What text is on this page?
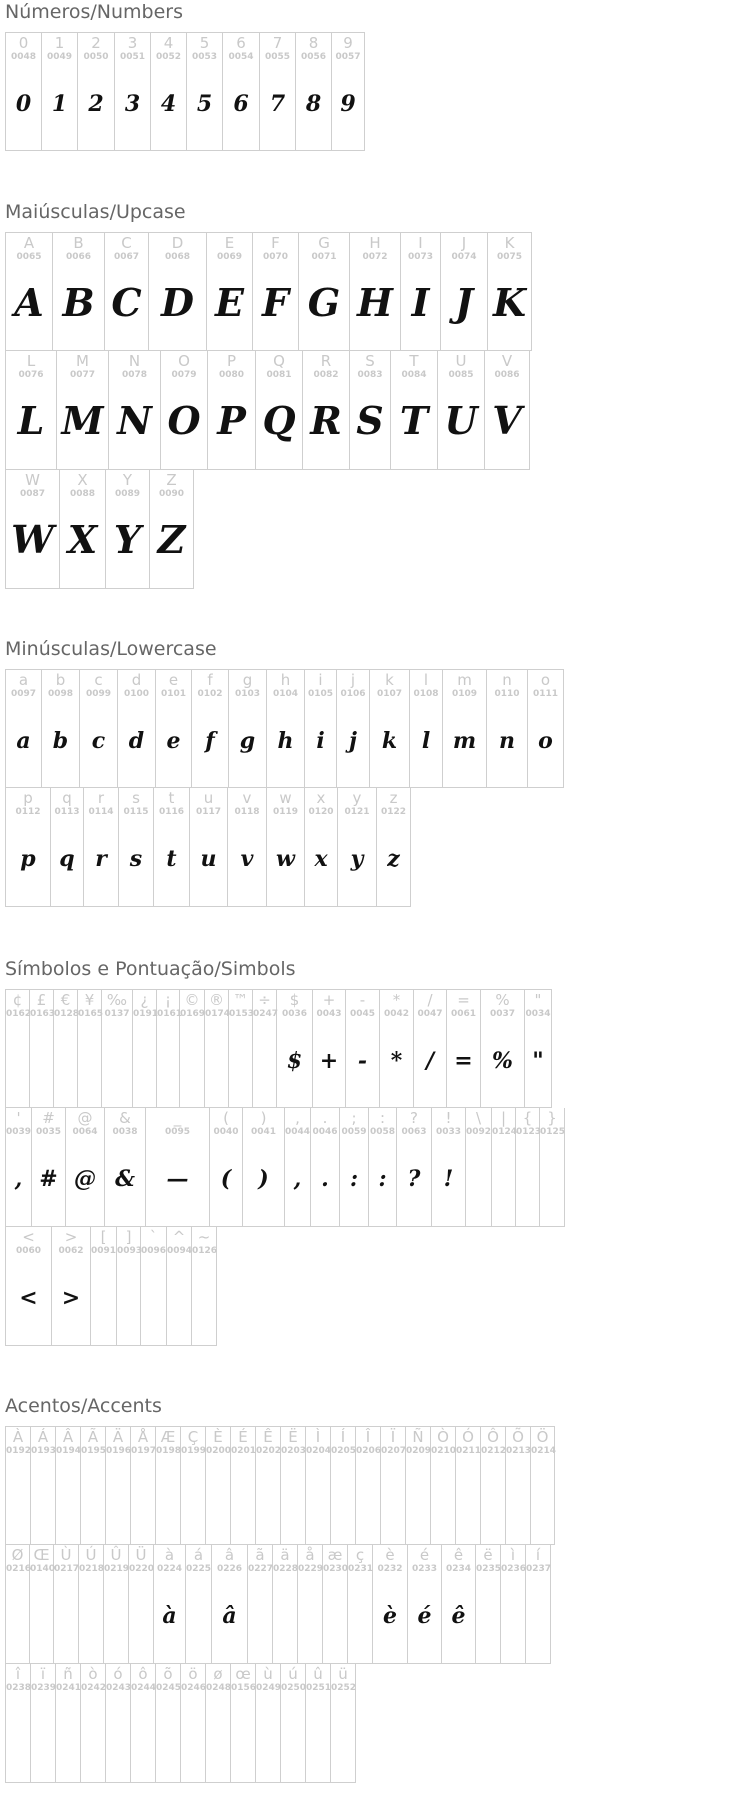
Números/Numbers
0
0048
0
1
0049
1
2
0050
2
3
0051
3
4
0052
4
5
0053
5
6
0054
6
7
0055
7
8
0056
8
9
0057
9
Maiúsculas/Upcase
A
0065
A
B
0066
B
C
0067
C
D
0068
D
E
0069
E
F
0070
F
G
0071
G
H
0072
H
I
0073
I
J
0074
J
K
0075
K
L
0076
L
M
0077
M
N
0078
N
O
0079
O
P
0080
P
Q
0081
Q
R
0082
R
S
0083
S
T
0084
T
U
0085
U
V
0086
V
W
0087
W
X
0088
X
Y
0089
Y
Z
0090
Z
Minúsculas/Lowercase
a
0097
a
b
0098
b
c
0099
c
d
0100
d
e
0101
e
f
0102
f
g
0103
g
h
0104
h
i
0105
i
j
0106
j
k
0107
k
l
0108
l
m
0109
m
n
0110
n
o
0111
o
p
0112
p
q
0113
q
r
0114
r
s
0115
s
t
0116
t
u
0117
u
v
0118
v
w
0119
w
x
0120
x
y
0121
y
z
0122
z
Símbolos e Pontuação/Simbols
¢
0162
£
0163
€
0128
¥
0165
‰
0137
¿
0191
¡
0161
©
0169
®
0174
™
0153
÷
0247
$
0036
$
+
0043
+
-
0045
-
*
0042
*
/
0047
/
=
0061
=
%
0037
%
"
0034
"
'
0039
,
#
0035
#
@
0064
@
&
0038
&
_
0095
—
(
0040
(
)
0041
)
,
0044
,
.
0046
.
;
0059
:
:
0058
:
?
0063
?
!
0033
!
\
0092
|
0124
{
0123
}
0125
<
0060
<
>
0062
>
[
0091
]
0093
`
0096
^
0094
~
0126
Acentos/Accents
À
0192
Á
0193
Â
0194
Ã
0195
Ä
0196
Å
0197
Æ
0198
Ç
0199
È
0200
É
0201
Ê
0202
Ë
0203
Ì
0204
Í
0205
Î
0206
Ï
0207
Ñ
0209
Ò
0210
Ó
0211
Ô
0212
Õ
0213
Ö
0214
Ø
0216
Œ
0140
Ù
0217
Ú
0218
Û
0219
Ü
0220
à
0224
à
á
0225
â
0226
â
ã
0227
ä
0228
å
0229
æ
0230
ç
0231
è
0232
è
é
0233
é
ê
0234
ê
ë
0235
ì
0236
í
0237
î
0238
ï
0239
ñ
0241
ò
0242
ó
0243
ô
0244
õ
0245
ö
0246
ø
0248
œ
0156
ù
0249
ú
0250
û
0251
ü
0252
